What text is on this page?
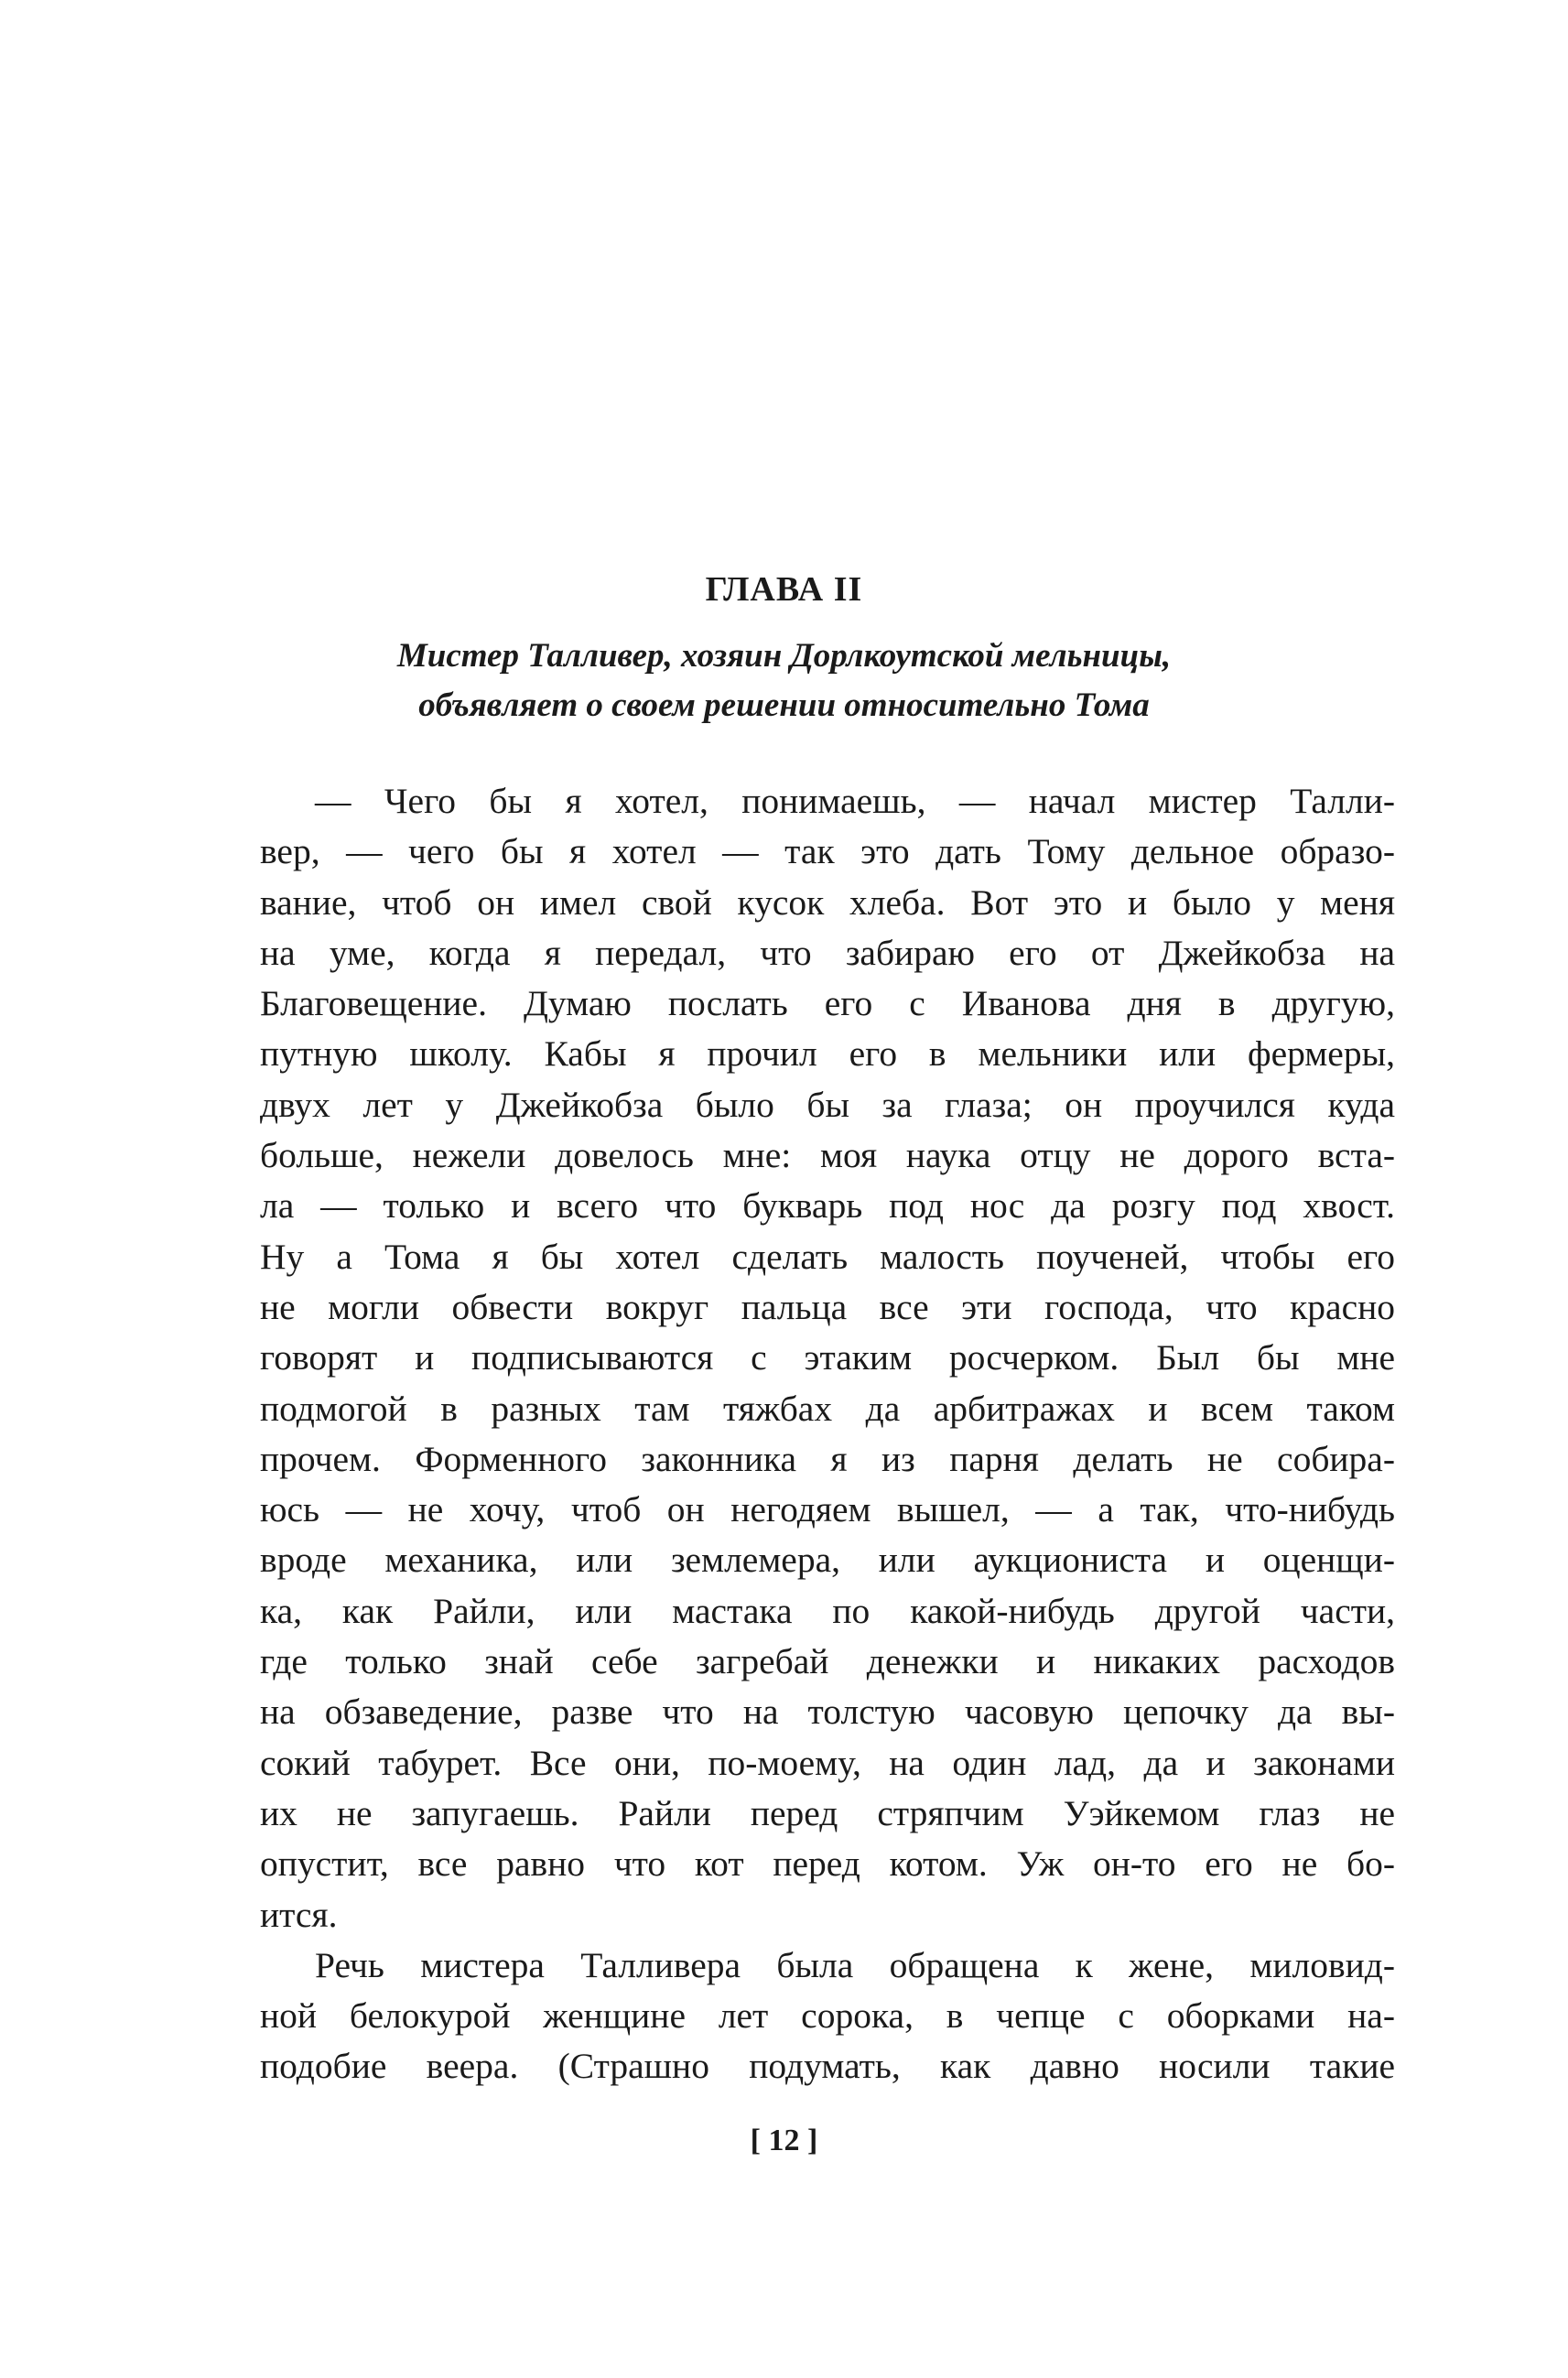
ГЛАВА II
Мистер Талливер, хозяин Дорлкоутской мельницы,
объявляет о своем решении относительно Тома
— Чего бы я хотел, понимаешь, — начал мистер Талли-
вер, — чего бы я хотел — так это дать Тому дельное образо-
вание, чтоб он имел свой кусок хлеба. Вот это и было у меня
на уме, когда я передал, что забираю его от Джейкобза на
Благовещение. Думаю послать его с Иванова дня в другую,
путную школу. Кабы я прочил его в мельники или фермеры,
двух лет у Джейкобза было бы за глаза; он проучился куда
больше, нежели довелось мне: моя наука отцу не дорого вста-
ла — только и всего что букварь под нос да розгу под хвост.
Ну а Тома я бы хотел сделать малость поученей, чтобы его
не могли обвести вокруг пальца все эти господа, что красно
говорят и подписываются с этаким росчерком. Был бы мне
подмогой в разных там тяжбах да арбитражах и всем таком
прочем. Форменного законника я из парня делать не собира-
юсь — не хочу, чтоб он негодяем вышел, — а так, что-нибудь
вроде механика, или землемера, или аукциониста и оценщи-
ка, как Райли, или мастака по какой-нибудь другой части,
где только знай себе загребай денежки и никаких расходов
на обзаведение, разве что на толстую часовую цепочку да вы-
сокий табурет. Все они, по-моему, на один лад, да и законами
их не запугаешь. Райли перед стряпчим Уэйкемом глаз не
опустит, все равно что кот перед котом. Уж он-то его не бо-
ится.
Речь мистера Талливера была обращена к жене, миловид-
ной белокурой женщине лет сорока, в чепце с оборками на-
подобие веера. (Страшно подумать, как давно носили такие
[ 12 ]
